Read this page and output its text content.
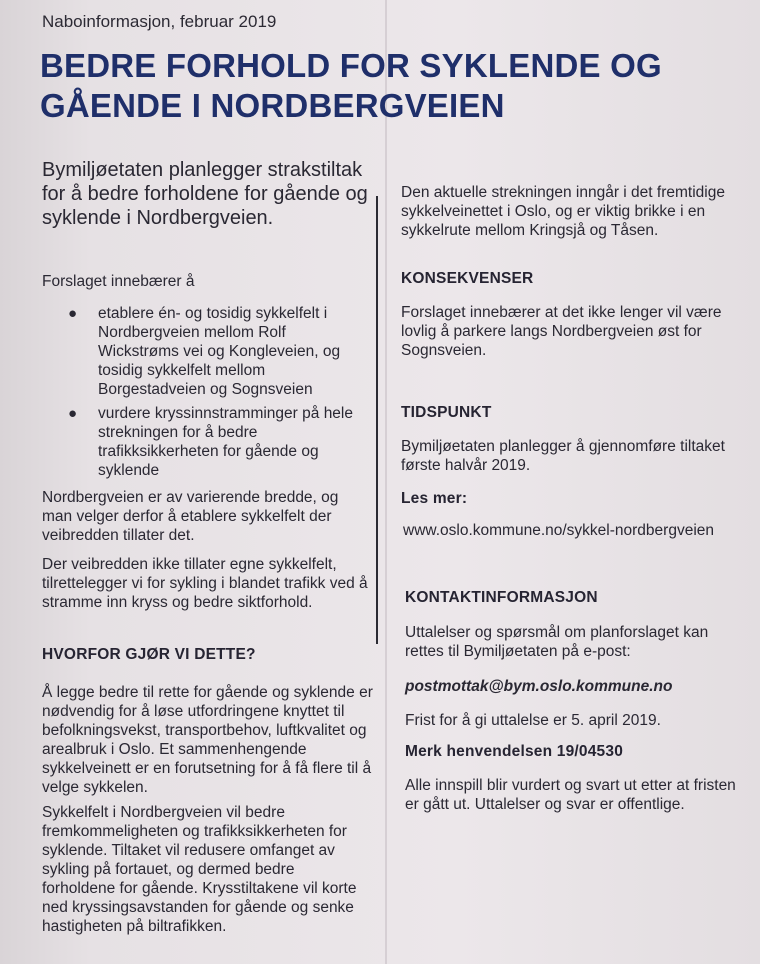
Naboinformasjon, februar 2019

BEDRE FORHOLD FOR SYKLENDE OG GÅENDE I NORDBERGVEIEN

Bymiljøetaten planlegger strakstiltak for å bedre forholdene for gående og syklende i Nordbergveien.

Forslaget innebærer å

● etablere én- og tosidig sykkelfelt i Nordbergveien mellom Rolf Wickstrøms vei og Kongleveien, og tosidig sykkelfelt mellom Borgestadveien og Sognsveien
● vurdere kryssinnstramminger på hele strekningen for å bedre trafikksikkerheten for gående og syklende

Nordbergveien er av varierende bredde, og man velger derfor å etablere sykkelfelt der veibredden tillater det.

Der veibredden ikke tillater egne sykkelfelt, tilrettelegger vi for sykling i blandet trafikk ved å stramme inn kryss og bedre siktforhold.

HVORFOR GJØR VI DETTE?

Å legge bedre til rette for gående og syklende er nødvendig for å løse utfordringene knyttet til befolkningsvekst, transportbehov, luftkvalitet og arealbruk i Oslo. Et sammenhengende sykkelveinett er en forutsetning for å få flere til å velge sykkelen.

Sykkelfelt i Nordbergveien vil bedre fremkommeligheten og trafikksikkerheten for syklende. Tiltaket vil redusere omfanget av sykling på fortauet, og dermed bedre forholdene for gående. Krysstiltakene vil korte ned kryssingsavstanden for gående og senke hastigheten på biltrafikken.

Den aktuelle strekningen inngår i det fremtidige sykkelveinettet i Oslo, og er viktig brikke i en sykkelrute mellom Kringsjå og Tåsen.

KONSEKVENSER

Forslaget innebærer at det ikke lenger vil være lovlig å parkere langs Nordbergveien øst for Sognsveien.

TIDSPUNKT

Bymiljøetaten planlegger å gjennomføre tiltaket første halvår 2019.

Les mer:

www.oslo.kommune.no/sykkel-nordbergveien

KONTAKTINFORMASJON

Uttalelser og spørsmål om planforslaget kan rettes til Bymiljøetaten på e-post:

postmottak@bym.oslo.kommune.no

Frist for å gi uttalelse er 5. april 2019.

Merk henvendelsen 19/04530

Alle innspill blir vurdert og svart ut etter at fristen er gått ut. Uttalelser og svar er offentlige.
